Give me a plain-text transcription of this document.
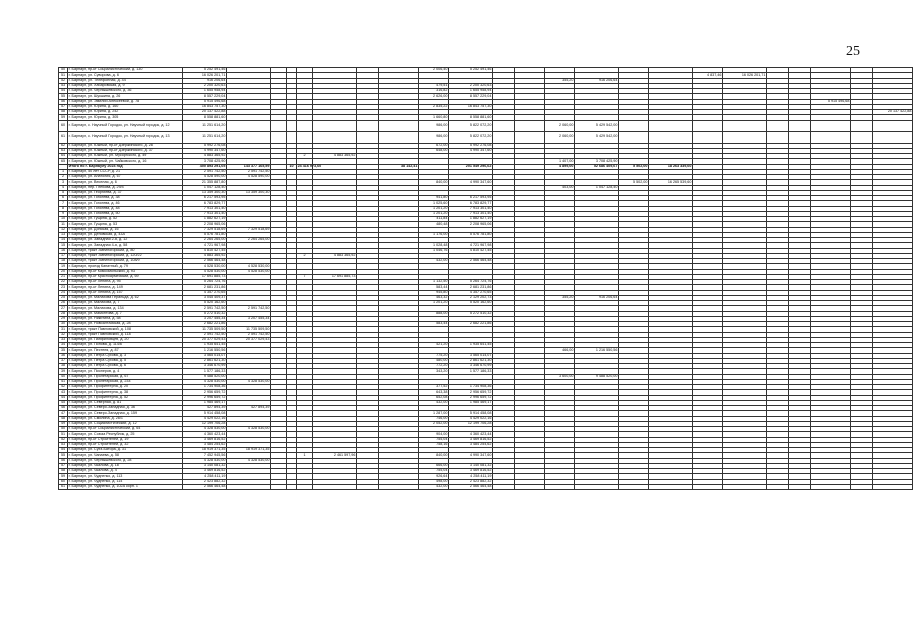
25
50	г. Барнаул, пр-кт Социалистический, д. 130	5 252 491,46								2 006,40	5 252 491,46													
51	г. Барнаул, ул. Суворова, д. 6	16 026 201,71																4 837,46	16 026 201,71					
52	г. Барнаул, ул. Телефонная, д. 44	916 206,64												355,20	916 206,64									
53	г. Барнаул, ул. Хабаровская, д. 9	2 200 320,63								479,51	2 200 320,63													
54	г. Барнаул, ул. Чернышевского, д. 36	1 655 958,94								316,82	1 655 958,94													
55	г. Барнаул, ул. Шукшина, д. 26	8 557 229,04								2 626,00	8 557 229,04													
56	г. Барнаул, ул. Эмилии Алексеевой, д. 78	5 915 496,68																				5 915 496,68		
57	г. Барнаул, ул. Юрина, д. 160	16 843 757,30								2 835,22	16 843 757,30													
58	г. Барнаул, ул. Юрина, д. 242	20 137 422,88																						20 137 422,88
59	г. Барнаул, ул. Юрина, д. 305	8 558 881,60								1 660,80	8 558 881,60													
60	г. Барнаул, с. Научный Городок, ул. Научный городок, д. 12	11 251 614,20								986,00	5 822 072,20			2 060,00	5 429 542,00									
61	г. Барнаул, с. Научный Городок, ул. Научный городок, д. 13	11 251 614,20								986,00	5 822 072,20			2 060,00	5 429 542,00									
62	г. Барнаул, ул. Южный, пр-кт Дзержинского, д. 28	5 992 276,08								672,00	5 992 276,08													
63	г. Барнаул, ул. Южный, пр-кт Дзержинского, д. 37	4 990 347,60								648,00	4 990 347,60													
64	г. Барнаул, ул. Южный, ул. Мусоргского, д. 49	4 883 365,92				2	4 883 365,92																	
65	г. Барнаул, ул. Южный, ул. Чайковского, д. 16	3 708 425,90												1 407,00	3 708 425,90									
	Итого по г. Барнаулу 2024 год	400 893 291,05	143 377 165,59		10	24 416 973,60			38 142,41		201 549 296,62			4 899,00	52 686 409,67	5 502,00	18 263 339,60							
1	г. Барнаул, 50 лет СССР, д. 21	2 591 742,50	2 591 742,50																					
2	г. Барнаул, ул. Анатолия, д. 67	4 528 590,00	4 528 590,00																					
3	г. Барнаул, ул. Веселая, д. 6	21 355 887,80								840,00	4 990 347,60					5 502,00	16 265 539,60							
4	г. Барнаул, пер. Глебова, д. 29/4	1 047 128,40												403,00	1 047 128,40									
5	г. Барнаул, ул. Георгиева, д. 37	13 359 300,30	13 359 300,30																					
6	г. Барнаул, ул. Гоголева, д. 38	6 217 593,95								941,80	6 217 593,95													
7	г. Барнаул, ул. Гоголева, д. 46	6 783 829,77								1 025,60	6 783 829,77													
8	г. Барнаул, ул. Гоголева, д. 48	7 913 301,40								1 201,20	7 913 301,40													
9	г. Барнаул, ул. Гоголева, д. 50	7 913 301,40								1 201,20	7 913 301,40													
10	г. Барнаул, ул. Гущина, д. 52	1 882 627,19								411,84	1 882 627,19													
11	г. Барнаул, ул. Гущина, д. 53	2 208 965,06								480,48	2 208 965,06													
12	г. Барнаул, ул. Донская, д. 16	7 329 518,69	7 329 518,69																					
13	г. Барнаул, ул. Деповская, д. 43А	5 576 781,80								1 176,00	5 576 781,80													
14	г. Барнаул, ул. Западная 2-я, д. 12	2 264 265,00	2 264 265,00																					
15	г. Барнаул, ул. Западная 4-я, д. 58	4 721 967,98								1 028,48	4 721 967,98													
16	г. Барнаул, тракт Змеиногорский, д. 80	4 810 427,45								1 046,76	4 810 427,45													
17	г. Барнаул, тракт Змеиногорский, д. 120/22	4 883 365,92				2	4 883 365,92																	
18	г. Барнаул, тракт Змеиногорский, д. 108/9	2 566 464,48								432,00	2 566 464,48													
19	г. Барнаул, проезд Канатный, д. 79	4 528 530,00	4 528 530,00																					
20	г. Барнаул, пр-кт Комсомольский, д. 93	4 528 530,00	4 528 530,00																					
21	г. Барнаул, пр-кт Красноармейский, д. 69	17 691 885,73				7	17 691 885,73																	
22	г. Барнаул, пр-кт Ленина, д. 95	5 264 724,76								1 132,50	5 264 724,76													
23	г. Барнаул, пр-кт Ленина, д. 149	2 681 231,86								583,44	2 681 231,86													
24	г. Барнаул, пр-кт Ленина, д. 157	4 357 270,65								945,80	4 357 270,65													
25	г. Барнаул, ул. Малахова Геральда, д. 62	3 045 409,37								463,32	2 129 202,73			355,20	916 206,64									
26	г. Барнаул, ул. Малахова, д. 7	5 520 162,60								1 201,20	5 520 162,60													
27	г. Барнаул, ул. Малахова, д. 134	2 591 742,50	2 591 742,50																					
28	г. Барнаул, ул. Мамонтова, д. 7	5 272 510,32								888,00	5 272 510,32													
29	г. Барнаул, ул. Никитина, д. 58	3 207 455,34	3 207 455,34																					
30	г. Барнаул, ул. Новоалтайская, д. 28	2 682 221,86								583,44	2 682 221,86													
31	г. Барнаул, тракт Павловский, д. 108	11 735 509,50	11 735 509,50																					
32	г. Барнаул, тракт Павловский, д. 118	2 591 742,50	2 591 742,50																					
33	г. Барнаул, ул. Панфиловцев, д. 20	20 377 029,43	20 377 029,43																					
34	г. Барнаул, ул. Попова, д. 114/6	1 935 641,45								421,20	1 935 641,45													
35	г. Барнаул, ул. Пестеля, д. 87	1 216 550,56												466,00	1 216 550,56									
36	г. Барнаул, ул. Петра Сухова, д. 3	3 565 014,07								775,20	3 565 014,07													
37	г. Барнаул, ул. Петра Сухова, д. 5	2 861 621,30								480,00	2 861 621,30													
38	г. Барнаул, ул. Петра Сухова, д. 6	3 346 670,99								772,20	3 346 670,99													
39	г. Барнаул, ул. Пионеров, д. 4	1 577 186,33								343,20	1 577 186,33													
40	г. Барнаул, ул. Пролетарская, д. 67	9 488 520,00												3 600,00	9 488 520,00									
41	г. Барнаул, ул. Пролетарская, д. 234	4 328 530,00	4 328 530,00																					
42	г. Барнаул, ул. Профинтерна, д. 20	1 734 908,36								377,52	1 734 908,36													
43	г. Барнаул, ул. Профинтерна, д. 38	2 956 659,72								643,38	2 956 659,72													
44	г. Барнаул, ул. Профинтерна, д. 52	2 996 659,72								652,08	2 996 659,72													
45	г. Барнаул, ул. Северная, д. 81	1 985 469,17								432,00	1 985 469,17													
46	г. Барнаул, ул. Северо-Западная, д. 36	427 894,39	427 894,39																					
47	г. Барнаул, ул. Северо-Западная, д. 159	5 914 458,08								1 287,00	5 914 458,08													
48	г. Барнаул, ул. Смолина, д. 28/1	4 429 022,16								746,00	4 429 022,16													
49	г. Барнаул, ул. Социалистический, д. 12	12 199 706,28								2 052,00	12 199 706,28													
50	г. Барнаул, пр-кт Социалистический, д. 64	4 328 530,00	4 328 530,00																					
51	г. Барнаул, ул. Союза Республик, д. 25	4 360 423,44								904,00	4 360 423,44													
52	г. Барнаул, пр-кт Строителей, д. 19	3 469 816,52								755,04	3 469 816,52													
53	г. Барнаул, пр-кт Строителей, д. 32	3 484 254,62								758,16	3 484 254,62													
54	г. Барнаул, ул. Сухэ-Батора, д. 31	18 919 371,35	18 919 371,35																					
55	г. Барнаул, ул. Чапаева, д. 58	7 452 945,56				1	2 461 597,96			840,00	4 990 347,60													
56	г. Барнаул, ул. Чернышевского, д. 28	4 328 530,00	4 328 530,00																					
57	г. Барнаул, ул. Чкалова, д. 18	3 140 081,32								666,00	3 140 081,32													
58	г. Барнаул, ул. Чкалова, д. 4	3 469 816,52								755,04	3 469 816,52													
59	г. Барнаул, ул. Чудненко, д. 113	4 258 411,19								926,64	4 258 411,19													
60	г. Барнаул, ул. Чудненко, д. 114	2 423 882,32								498,00	2 423 882,32													
61	г. Барнаул, ул. Чудненко, д. 102А корп. 1	2 566 464,48								432,00	2 566 464,48													
